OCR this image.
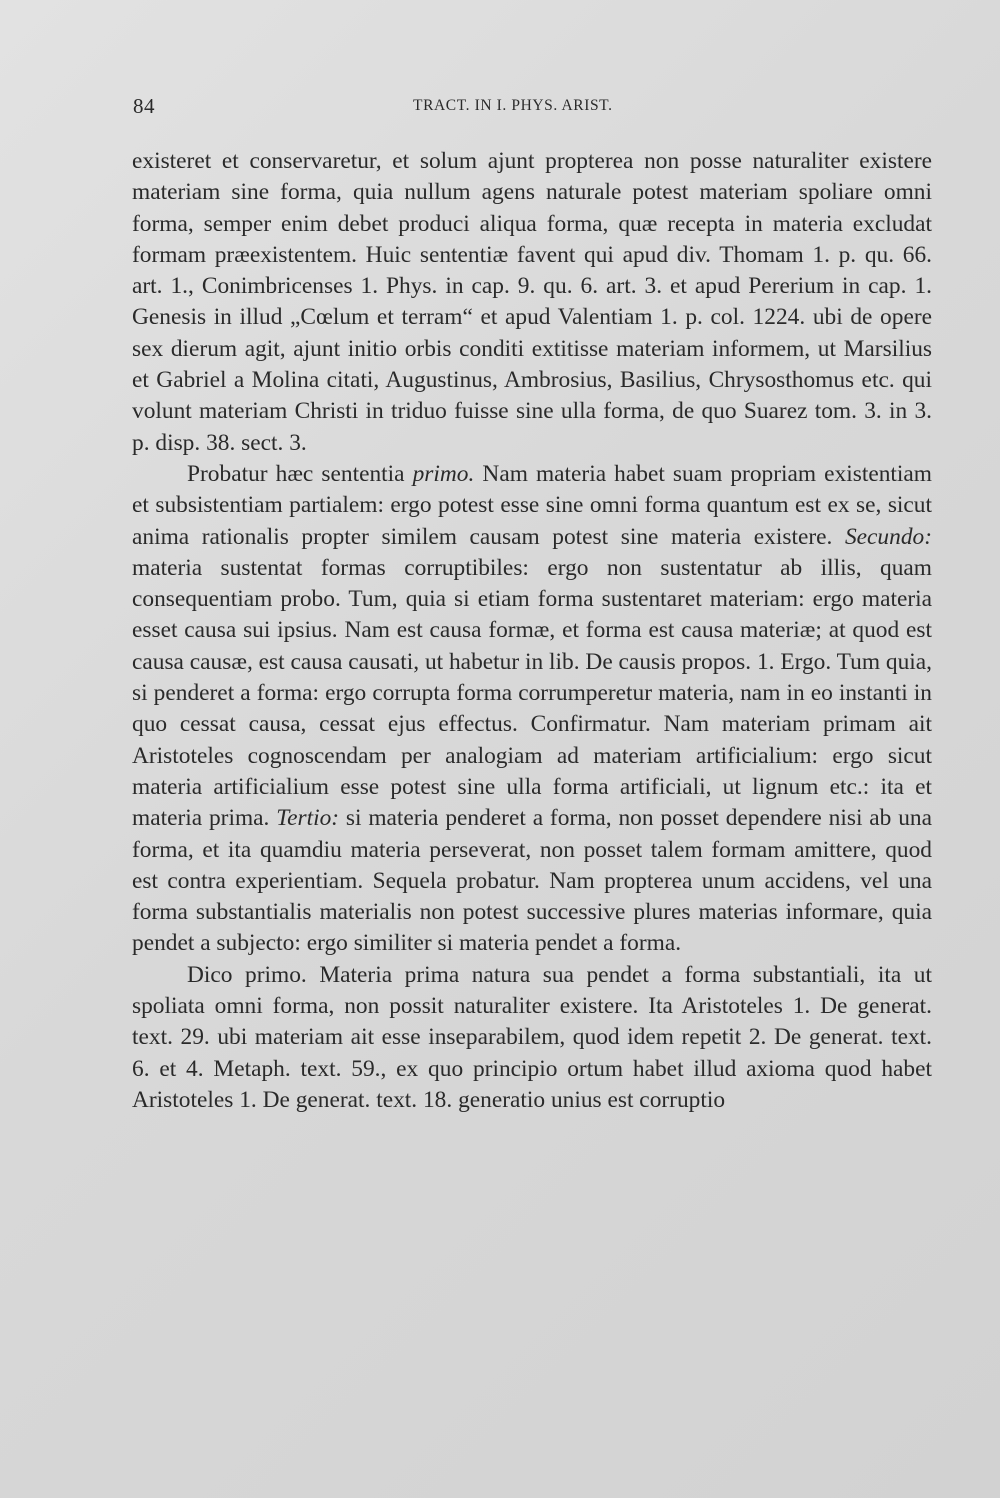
84	TRACT. IN I. PHYS. ARIST.

existeret et conservaretur, et solum ajunt propterea non posse naturaliter existere materiam sine forma, quia nullum agens naturale potest materiam spoliare omni forma, semper enim debet produci aliqua forma, quæ recepta in materia excludat formam præexistentem. Huic sententiæ favent qui apud div. Thomam 1. p. qu. 66. art. 1., Conimbricenses 1. Phys. in cap. 9. qu. 6. art. 3. et apud Pererium in cap. 1. Genesis in illud „Cœlum et terram“ et apud Valentiam 1. p. col. 1224. ubi de opere sex dierum agit, ajunt initio orbis conditi extitisse materiam informem, ut Marsilius et Gabriel a Molina citati, Augustinus, Ambrosius, Basilius, Chrysosthomus etc. qui volunt materiam Christi in triduo fuisse sine ulla forma, de quo Suarez tom. 3. in 3. p. disp. 38. sect. 3.

Probatur hæc sententia primo. Nam materia habet suam propriam existentiam et subsistentiam partialem: ergo potest esse sine omni forma quantum est ex se, sicut anima rationalis propter similem causam potest sine materia existere. Secundo: materia sustentat formas corruptibiles: ergo non sustentatur ab illis, quam consequentiam probo. Tum, quia si etiam forma sustentaret materiam: ergo materia esset causa sui ipsius. Nam est causa formæ, et forma est causa materiæ; at quod est causa causæ, est causa causati, ut habetur in lib. De causis propos. 1. Ergo. Tum quia, si penderet a forma: ergo corrupta forma corrumperetur materia, nam in eo instanti in quo cessat causa, cessat ejus effectus. Confirmatur. Nam materiam primam ait Aristoteles cognoscendam per analogiam ad materiam artificialium: ergo sicut materia artificialium esse potest sine ulla forma artificiali, ut lignum etc.: ita et materia prima. Tertio: si materia penderet a forma, non posset dependere nisi ab una forma, et ita quamdiu materia perseverat, non posset talem formam amittere, quod est contra experientiam. Sequela probatur. Nam propterea unum accidens, vel una forma substantialis materialis non potest successive plures materias informare, quia pendet a subjecto: ergo similiter si materia pendet a forma.

Dico primo. Materia prima natura sua pendet a forma substantiali, ita ut spoliata omni forma, non possit naturaliter existere. Ita Aristoteles 1. De generat. text. 29. ubi materiam ait esse inseparabilem, quod idem repetit 2. De generat. text. 6. et 4. Metaph. text. 59., ex quo principio ortum habet illud axioma quod habet Aristoteles 1. De generat. text. 18. generatio unius est corruptio
